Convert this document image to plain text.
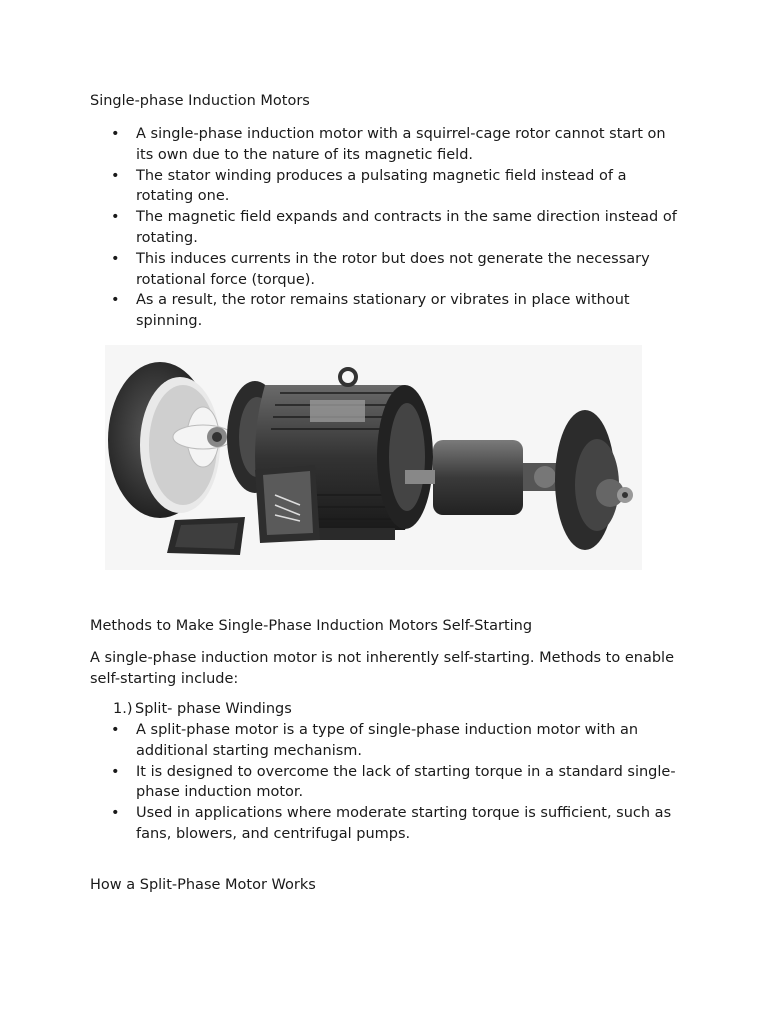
Single-phase Induction Motors
• A single-phase induction motor with a squirrel-cage rotor cannot start on its own due to the nature of its magnetic field.
• The stator winding produces a pulsating magnetic field instead of a rotating one.
• The magnetic field expands and contracts in the same direction instead of rotating.
• This induces currents in the rotor but does not generate the necessary rotational force (torque).
• As a result, the rotor remains stationary or vibrates in place without spinning.
Methods to Make Single-Phase Induction Motors Self-Starting

A single-phase induction motor is not inherently self-starting. Methods to enable self-starting include:

1.) Split- phase Windings
• A split-phase motor is a type of single-phase induction motor with an additional starting mechanism.
• It is designed to overcome the lack of starting torque in a standard single-phase induction motor.
• Used in applications where moderate starting torque is sufficient, such as fans, blowers, and centrifugal pumps.
How a Split-Phase Motor Works
